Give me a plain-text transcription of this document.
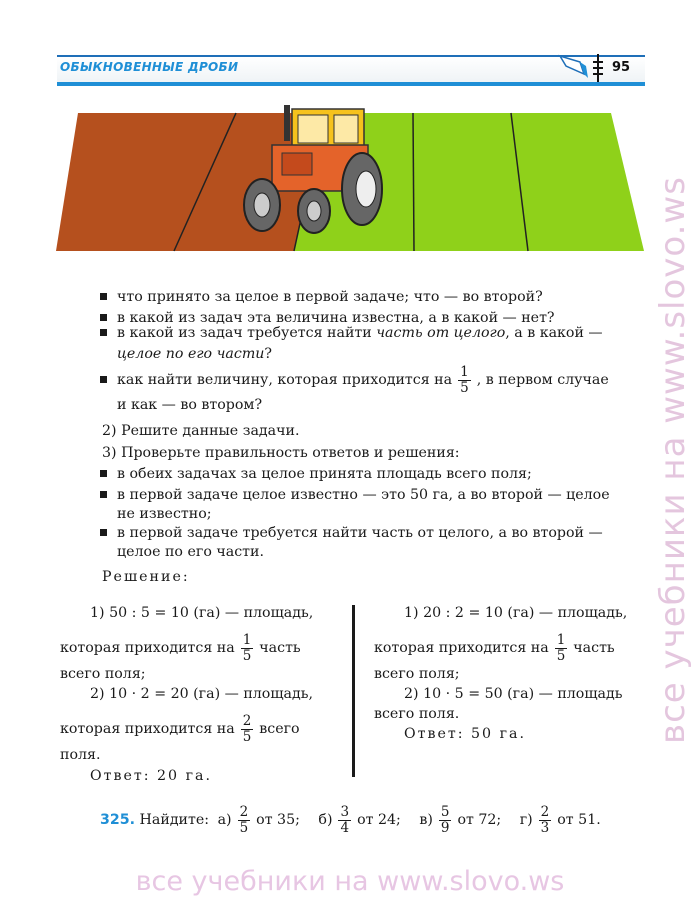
ОБЫКНОВЕННЫЕ ДРОБИ	95
что принято за целое в первой задаче; что — во второй?
в какой из задач эта величина известна, а в какой — нет?
в какой из задач требуется найти часть от целого, а в какой —
целое по его части?
как найти величину, которая приходится на $\frac{1}{5}$ , в первом случае
и как — во втором?
2) Решите данные задачи.
3) Проверьте правильность ответов и решения:
в обеих задачах за целое принята площадь всего поля;
в первой задаче целое известно — это 50 га, а во второй — целое
не известно;
в первой задаче требуется найти часть от целого, а во второй —
целое по его части.
Решение:
1) 50 : 5 = 10 (га) — площадь,
которая приходится на $\frac{1}{5}$ часть
всего поля;
2) 10 · 2 = 20 (га) — площадь,
которая приходится на $\frac{2}{5}$ всего
поля.
Ответ: 20 га.
1) 20 : 2 = 10 (га) — площадь,
которая приходится на $\frac{1}{5}$ часть
всего поля;
2) 10 · 5 = 50 (га) — площадь
всего поля.
Ответ: 50 га.
325. Найдите: $а) \frac{2}{5}$ от 35; $б) \frac{3}{4}$ от 24; $в) \frac{5}{9}$ от 72; $г) \frac{2}{3}$ от 51.
все учебники на www.slovo.ws
все учебники на www.slovo.ws
